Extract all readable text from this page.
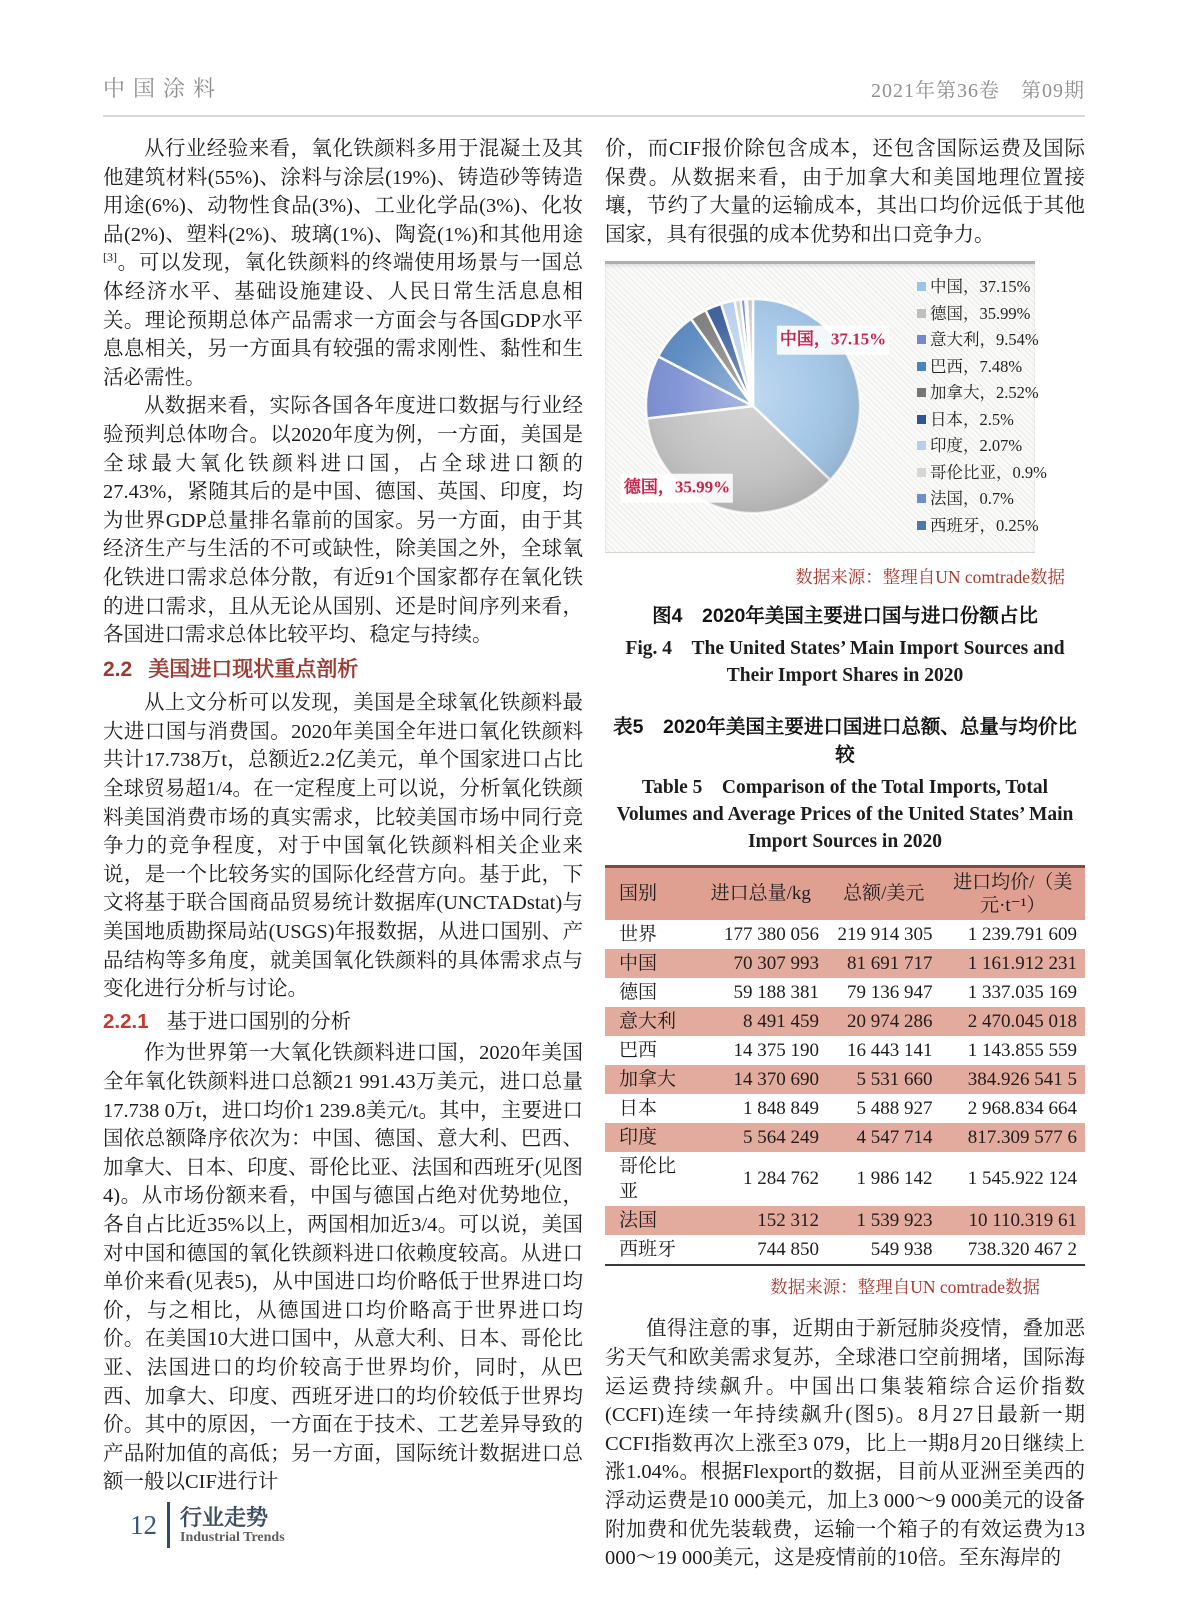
中国涂料	2021年第36卷　第09期

从行业经验来看，氧化铁颜料多用于混凝土及其他建筑材料(55%)、涂料与涂层(19%)、铸造砂等铸造用途(6%)、动物性食品(3%)、工业化学品(3%)、化妆品(2%)、塑料(2%)、玻璃(1%)、陶瓷(1%)和其他用途[3]。可以发现，氧化铁颜料的终端使用场景与一国总体经济水平、基础设施建设、人民日常生活息息相关。理论预期总体产品需求一方面会与各国GDP水平息息相关，另一方面具有较强的需求刚性、黏性和生活必需性。

从数据来看，实际各国各年度进口数据与行业经验预判总体吻合。以2020年度为例，一方面，美国是全球最大氧化铁颜料进口国，占全球进口额的27.43%，紧随其后的是中国、德国、英国、印度，均为世界GDP总量排名靠前的国家。另一方面，由于其经济生产与生活的不可或缺性，除美国之外，全球氧化铁进口需求总体分散，有近91个国家都存在氧化铁的进口需求，且从无论从国别、还是时间序列来看，各国进口需求总体比较平均、稳定与持续。

2.2 美国进口现状重点剖析

从上文分析可以发现，美国是全球氧化铁颜料最大进口国与消费国。2020年美国全年进口氧化铁颜料共计17.738万t，总额近2.2亿美元，单个国家进口占比全球贸易超1/4。在一定程度上可以说，分析氧化铁颜料美国消费市场的真实需求，比较美国市场中同行竞争力的竞争程度，对于中国氧化铁颜料相关企业来说，是一个比较务实的国际化经营方向。基于此，下文将基于联合国商品贸易统计数据库(UNCTADstat)与美国地质勘探局站(USGS)年报数据，从进口国别、产品结构等多角度，就美国氧化铁颜料的具体需求点与变化进行分析与讨论。

2.2.1 基于进口国别的分析

作为世界第一大氧化铁颜料进口国，2020年美国全年氧化铁颜料进口总额21 991.43万美元，进口总量17.738 0万t，进口均价1 239.8美元/t。其中，主要进口国依总额降序依次为：中国、德国、意大利、巴西、加拿大、日本、印度、哥伦比亚、法国和西班牙(见图4)。从市场份额来看，中国与德国占绝对优势地位，各自占比近35%以上，两国相加近3/4。可以说，美国对中国和德国的氧化铁颜料进口依赖度较高。从进口单价来看(见表5)，从中国进口均价略低于世界进口均价，与之相比，从德国进口均价略高于世界进口均价。在美国10大进口国中，从意大利、日本、哥伦比亚、法国进口的均价较高于世界均价，同时，从巴西、加拿大、印度、西班牙进口的均价较低于世界均价。其中的原因，一方面在于技术、工艺差异导致的产品附加值的高低；另一方面，国际统计数据进口总额一般以CIF进行计

价，而CIF报价除包含成本，还包含国际运费及国际保费。从数据来看，由于加拿大和美国地理位置接壤，节约了大量的运输成本，其出口均价远低于其他国家，具有很强的成本优势和出口竞争力。

中国，37.15%
德国，35.99%
中国，37.15%
德国，35.99%
意大利，9.54%
巴西，7.48%
加拿大，2.52%
日本，2.5%
印度，2.07%
哥伦比亚，0.9%
法国，0.7%
西班牙，0.25%
数据来源：整理自UN comtrade数据
图4　2020年美国主要进口国与进口份额占比
Fig. 4　The United States’ Main Import Sources and Their Import Shares in 2020
表5　2020年美国主要进口国进口总额、总量与均价比较
Table 5　Comparison of the Total Imports, Total Volumes and Average Prices of the United States’ Main Import Sources in 2020
国别	进口总量/kg	总额/美元	进口均价/（美元·t⁻¹）
世界	177 380 056	219 914 305	1 239.791 609
中国	70 307 993	81 691 717	1 161.912 231
德国	59 188 381	79 136 947	1 337.035 169
意大利	8 491 459	20 974 286	2 470.045 018
巴西	14 375 190	16 443 141	1 143.855 559
加拿大	14 370 690	5 531 660	384.926 541 5
日本	1 848 849	5 488 927	2 968.834 664
印度	5 564 249	4 547 714	817.309 577 6
哥伦比亚	1 284 762	1 986 142	1 545.922 124
法国	152 312	1 539 923	10 110.319 61
西班牙	744 850	549 938	738.320 467 2
数据来源：整理自UN comtrade数据

值得注意的事，近期由于新冠肺炎疫情，叠加恶劣天气和欧美需求复苏，全球港口空前拥堵，国际海运运费持续飙升。中国出口集装箱综合运价指数(CCFI)连续一年持续飙升(图5)。8月27日最新一期CCFI指数再次上涨至3 079，比上一期8月20日继续上涨1.04%。根据Flexport的数据，目前从亚洲至美西的浮动运费是10 000美元，加上3 000～9 000美元的设备附加费和优先装载费，运输一个箱子的有效运费为13 000～19 000美元，这是疫情前的10倍。至东海岸的

12 行业走势
Industrial Trends
